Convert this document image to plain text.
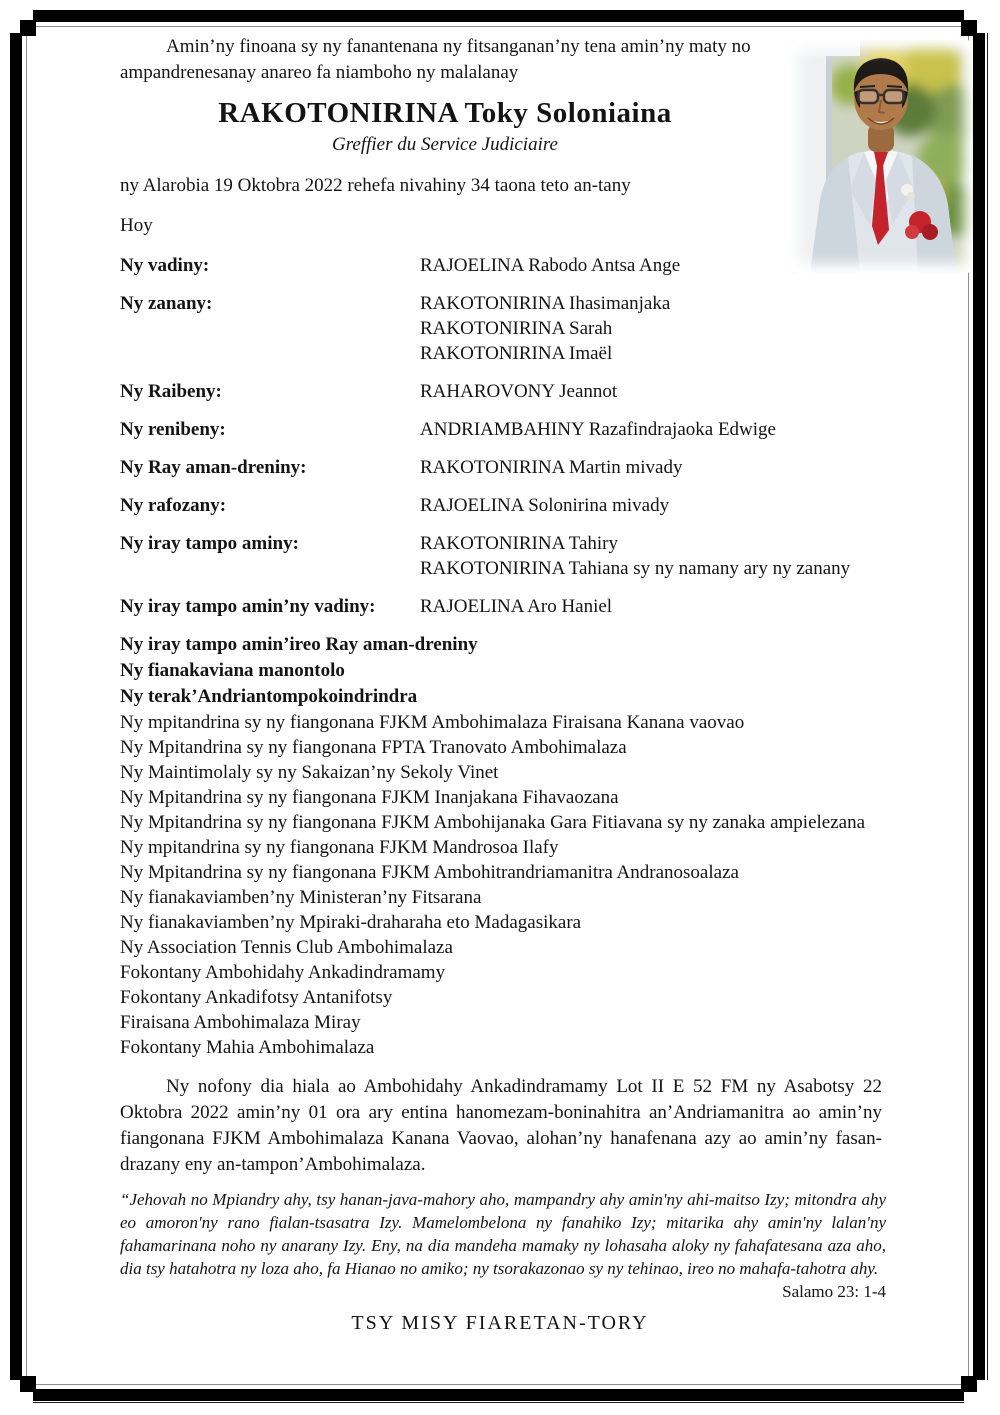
Amin’ny finoana sy ny fanantenana ny fitsanganan’ny tena amin’ny maty no ampandrenesanay anareo fa niamboho ny malalanay

RAKOTONIRINA Toky Soloniaina

Greffier du Service Judiciaire

ny Alarobia 19 Oktobra 2022 rehefa nivahiny 34 taona teto an-tany

Hoy

Ny vadiny:	RAJOELINA Rabodo Antsa Ange
Ny zanany:	RAKOTONIRINA Ihasimanjaka
RAKOTONIRINA Sarah
RAKOTONIRINA Imaël
Ny Raibeny:	RAHAROVONY Jeannot
Ny renibeny:	ANDRIAMBAHINY Razafindrajaoka Edwige
Ny Ray aman-dreniny:	RAKOTONIRINA Martin mivady
Ny rafozany:	RAJOELINA Solonirina mivady
Ny iray tampo aminy:	RAKOTONIRINA Tahiry
RAKOTONIRINA Tahiana sy ny namany ary ny zanany
Ny iray tampo amin’ny vadiny:	RAJOELINA Aro Haniel
Ny iray tampo amin’ireo Ray aman-dreniny
Ny fianakaviana manontolo
Ny terak’Andriantompokoindrindra
Ny mpitandrina sy ny fiangonana FJKM Ambohimalaza Firaisana Kanana vaovao
Ny Mpitandrina sy ny fiangonana FPTA Tranovato Ambohimalaza
Ny Maintimolaly sy ny Sakaizan’ny Sekoly Vinet
Ny Mpitandrina sy ny fiangonana FJKM Inanjakana Fihavaozana
Ny Mpitandrina sy ny fiangonana FJKM Ambohijanaka Gara Fitiavana sy ny zanaka ampielezana
Ny mpitandrina sy ny fiangonana FJKM Mandrosoa Ilafy
Ny Mpitandrina sy ny fiangonana FJKM Ambohitrandriamanitra Andranosoalaza
Ny fianakaviamben’ny Ministeran’ny Fitsarana
Ny fianakaviamben’ny Mpiraki-draharaha eto Madagasikara
Ny Association Tennis Club Ambohimalaza
Fokontany Ambohidahy Ankadindramamy
Fokontany Ankadifotsy Antanifotsy
Firaisana Ambohimalaza Miray
Fokontany Mahia Ambohimalaza

Ny nofony dia hiala ao Ambohidahy Ankadindramamy Lot II E 52 FM ny Asabotsy 22 Oktobra 2022 amin’ny 01 ora ary entina hanomezam-boninahitra an’Andriamanitra ao amin’ny fiangonana FJKM Ambohimalaza Kanana Vaovao, alohan’ny hanafenana azy ao amin’ny fasan-drazany eny an-tampon’Ambohimalaza.

“Jehovah no Mpiandry ahy, tsy hanan-java-mahory aho, mampandry ahy amin'ny ahi-maitso Izy; mitondra ahy eo amoron'ny rano fialan-tsasatra Izy. Mamelombelona ny fanahiko Izy; mitarika ahy amin'ny lalan'ny fahamarinana noho ny anarany Izy. Eny, na dia mandeha mamaky ny lohasaha aloky ny fahafatesana aza aho, dia tsy hatahotra ny loza aho, fa Hianao no amiko; ny tsorakazonao sy ny tehinao, ireo no mahafa-tahotra ahy.

Salamo 23: 1-4

TSY MISY FIARETAN-TORY
